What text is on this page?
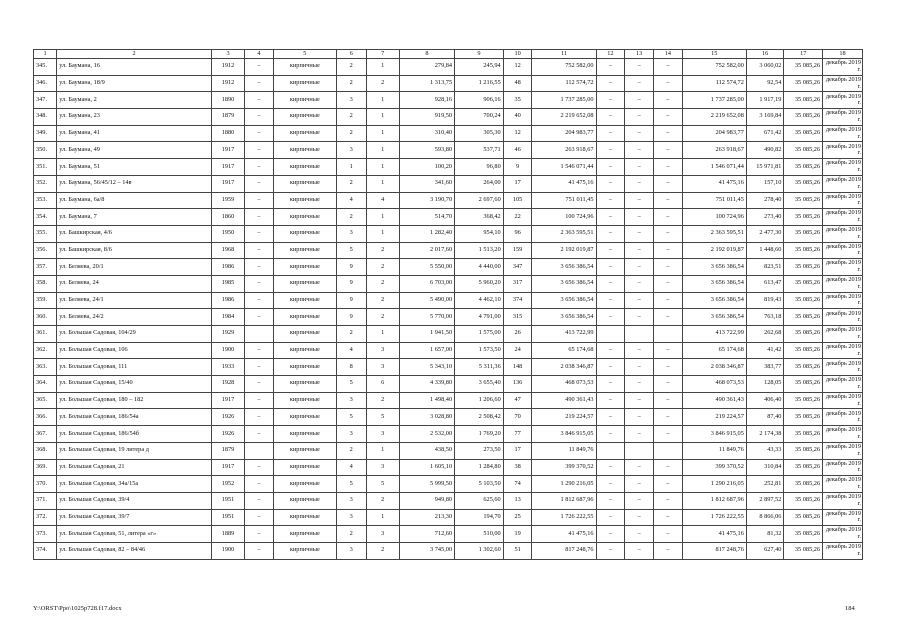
1	2	3	4	5	6	7	8	9	10	11	12	13	14	15	16	17	18
345.	ул. Баумана, 16	1912	–	кирпичные	2	1	279,84	245,94	12	752 582,00	–	–	–	752 582,00	3 060,02	35 085,26	декабрь 2019 г.
346.	ул. Баумана, 18/9	1912	–	кирпичные	2	2	1 313,75	1 216,55	48	112 574,72	–	–	–	112 574,72	92,54	35 085,26	декабрь 2019 г.
347.	ул. Баумана, 2	1890	–	кирпичные	3	1	928,16	906,16	35	1 737 285,00	–	–	–	1 737 285,00	1 917,19	35 085,26	декабрь 2019 г.
348.	ул. Баумана, 23	1879	–	кирпичные	2	1	919,50	700,24	40	2 219 652,08	–	–	–	2 219 652,08	3 169,84	35 085,26	декабрь 2019 г.
349.	ул. Баумана, 41	1880	–	кирпичные	2	1	310,40	305,30	12	204 983,77	–	–	–	204 983,77	671,42	35 085,26	декабрь 2019 г.
350.	ул. Баумана, 49	1917	–	кирпичные	3	1	593,80	537,71	46	263 918,67	–	–	–	263 918,67	490,82	35 085,26	декабрь 2019 г.
351.	ул. Баумана, 51	1917	–	кирпичные	1	1	100,20	96,80	9	1 546 071,44	–	–	–	1 546 071,44	15 971,81	35 085,26	декабрь 2019 г.
352.	ул. Баумана, 56/45/12 – 14в	1917	–	кирпичные	2	1	341,60	264,00	17	41 475,16	–	–	–	41 475,16	157,10	35 085,26	декабрь 2019 г.
353.	ул. Баумана, 6а/8	1959	–	кирпичные	4	4	3 190,70	2 697,60	105	751 011,45	–	–	–	751 011,45	278,40	35 085,26	декабрь 2019 г.
354.	ул. Баумана, 7	1860	–	кирпичные	2	1	514,70	368,42	22	100 724,96	–	–	–	100 724,96	273,40	35 085,26	декабрь 2019 г.
355.	ул. Башкирская, 4/6	1950	–	кирпичные	3	1	1 282,40	954,10	96	2 363 595,51	–	–	–	2 363 595,51	2 477,30	35 085,26	декабрь 2019 г.
356.	ул. Башкирская, 8/6	1968	–	кирпичные	5	2	2 017,60	1 513,20	159	2 192 019,87	–	–	–	2 192 019,87	1 448,60	35 085,26	декабрь 2019 г.
357.	ул. Беляева, 20/1	1986	–	кирпичные	9	2	5 550,00	4 440,00	347	3 656 386,54	–	–	–	3 656 386,54	823,51	35 085,26	декабрь 2019 г.
358.	ул. Беляева, 24	1985	–	кирпичные	9	2	6 703,00	5 960,20	317	3 656 386,54	–	–	–	3 656 386,54	613,47	35 085,26	декабрь 2019 г.
359.	ул. Беляева, 24/1	1986	–	кирпичные	9	2	5 490,00	4 462,10	374	3 656 386,54	–	–	–	3 656 386,54	819,43	35 085,26	декабрь 2019 г.
360.	ул. Беляева, 24/2	1984	–	кирпичные	9	2	5 770,00	4 791,00	315	3 656 386,54	–	–	–	3 656 386,54	763,18	35 085,26	декабрь 2019 г.
361.	ул. Большая Садовая, 104/29	1929		кирпичные	2	1	1 941,50	1 575,00	26	413 722,99				413 722,99	262,68	35 085,26	декабрь 2019 г.
362.	ул. Большая Садовая, 106	1900	–	кирпичные	4	3	1 657,00	1 573,50	24	65 174,68	–	–	–	65 174,68	41,42	35 085,26	декабрь 2019 г.
363.	ул. Большая Садовая, 111	1933	–	кирпичные	8	3	5 343,10	5 311,36	148	2 038 346,87	–	–	–	2 038 346,87	383,77	35 085,26	декабрь 2019 г.
364.	ул. Большая Садовая, 15/40	1928	–	кирпичные	5	6	4 339,80	3 655,40	136	468 073,53	–	–	–	468 073,53	128,05	35 085,26	декабрь 2019 г.
365.	ул. Большая Садовая, 180 – 182	1917	–	кирпичные	3	2	1 498,40	1 206,60	47	490 361,43	–	–	–	490 361,43	406,40	35 085,26	декабрь 2019 г.
366.	ул. Большая Садовая, 186/54а	1926	–	кирпичные	5	5	3 028,80	2 508,42	70	219 224,57	–	–	–	219 224,57	87,40	35 085,26	декабрь 2019 г.
367.	ул. Большая Садовая, 186/54б	1926	–	кирпичные	3	3	2 532,00	1 769,20	77	3 846 915,05	–	–	–	3 846 915,05	2 174,38	35 085,26	декабрь 2019 г.
368.	ул. Большая Садовая, 19 литера д	1879		кирпичные	2	1	438,50	273,50	17	11 849,76				11 849,76	43,33	35 085,26	декабрь 2019 г.
369.	ул. Большая Садовая, 21	1917	–	кирпичные	4	3	1 605,10	1 284,80	38	399 370,52	–	–	–	399 370,52	310,84	35 085,26	декабрь 2019 г.
370.	ул. Большая Садовая, 34а/15а	1952	–	кирпичные	5	5	5 999,50	5 103,50	74	1 290 216,05	–	–	–	1 290 216,05	252,81	35 085,26	декабрь 2019 г.
371.	ул. Большая Садовая, 39/4	1951	–	кирпичные	3	2	949,80	625,60	13	1 812 687,96	–	–	–	1 812 687,96	2 897,52	35 085,26	декабрь 2019 г.
372.	ул. Большая Садовая, 39/7	1951	–	кирпичные	3	1	213,30	194,70	25	1 726 222,55	–	–	–	1 726 222,55	8 866,06	35 085,26	декабрь 2019 г.
373.	ул. Большая Садовая, 51, литера «г»	1889	–	кирпичные	2	3	712,60	510,00	19	41 475,16	–	–	–	41 475,16	81,32	35 085,26	декабрь 2019 г.
374.	ул. Большая Садовая, 82 – 84/46	1900	–	кирпичные	3	2	3 745,00	1 302,60	51	817 248,76	–	–	–	817 248,76	627,40	35 085,26	декабрь 2019 г.
Y:\ORST\Ppo\1025p728.f17.docx	184
